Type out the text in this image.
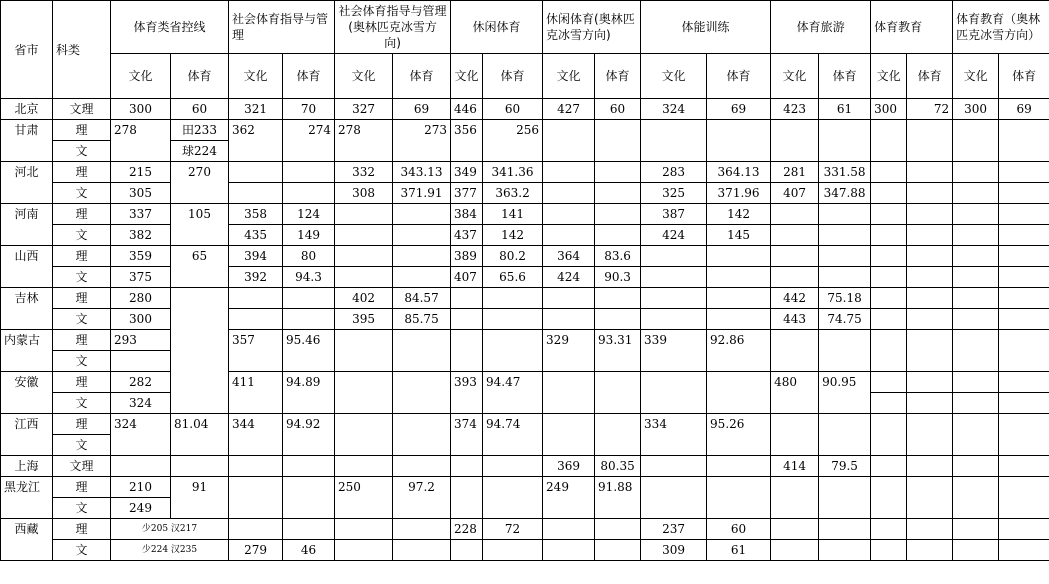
省市	科类	体育类省控线		社会体育指导与管理		社会体育指导与管理(奥林匹克冰雪方 向)		休闲体育		休闲体育(奥林匹克冰雪方向)		体能训练		体育旅游		体育教育		体育教育（奥林匹克冰雪方向）	
		文化	体育	文化	体育	文化	体育	文化	体育	文化	体育	文化	体育	文化	体育	文化	体育	文化	体育
北京	文理	300	60	321	70	327	69	446	60	427	60	324	69	423	61	300	72	300	69
甘肃	理	278	田233	362	274	278	273	356	256										
	文		球224																
河北	理	215	270			332	343.13	349	341.36			283	364.13	281	331.58				
	文	305				308	371.91	377	363.2			325	371.96	407	347.88				
河南	理	337	105	358	124			384	141			387	142						
	文	382		435	149			437	142			424	145						
山西	理	359	65	394	80			389	80.2	364	83.6								
	文	375		392	94.3			407	65.6	424	90.3								
吉林	理	280				402	84.57							442	75.18				
	文	300				395	85.75							443	74.75				
内蒙古	理	293		357	95.46					329	93.31	339	92.86						
	文																		
安徽	理	282		411	94.89			393	94.47					480	90.95				
	文	324																	
江西	理	324	81.04	344	94.92			374	94.74			334	95.26						
	文																		
上海	文理									369	80.35			414	79.5				
黑龙江	理	210	91			250	97.2			249	91.88								
	文	249																	
西藏	理	少205 汉217						228	72			237	60						
	文	少224 汉235		279	46							309	61						
